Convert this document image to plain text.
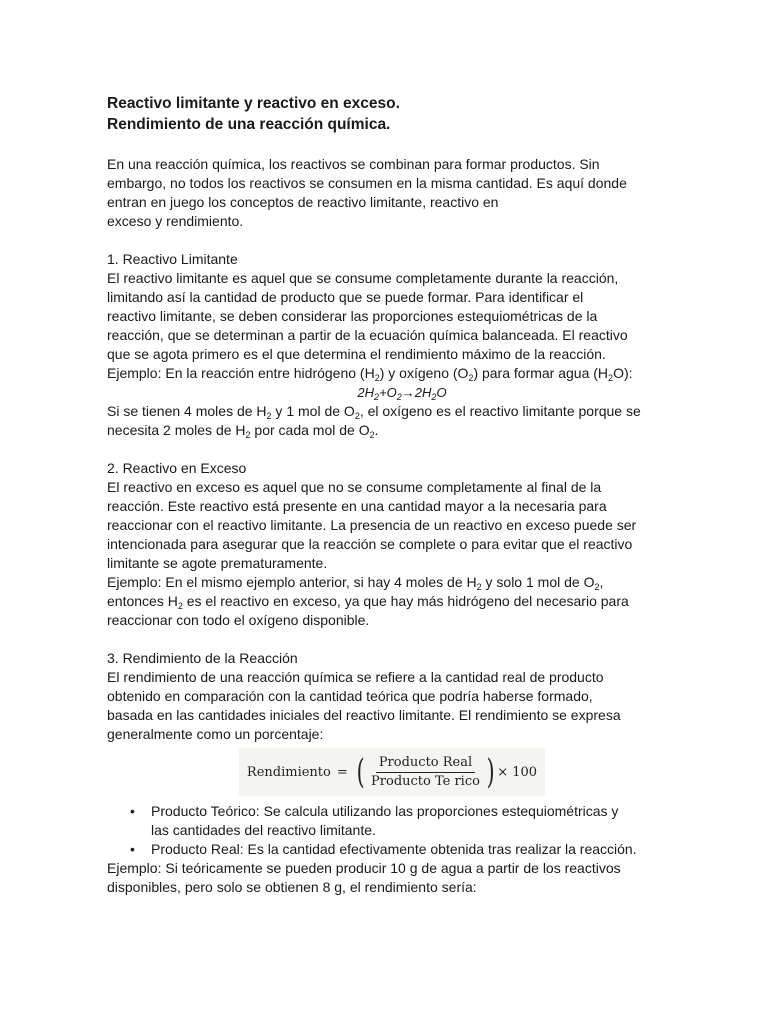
Reactivo limitante y reactivo en exceso.

Rendimiento de una reacción química.

En una reacción química, los reactivos se combinan para formar productos. Sin

embargo, no todos los reactivos se consumen en la misma cantidad. Es aquí donde

entran en juego los conceptos de reactivo limitante, reactivo en

exceso y rendimiento.

1. Reactivo Limitante

El reactivo limitante es aquel que se consume completamente durante la reacción,

limitando así la cantidad de producto que se puede formar. Para identificar el

reactivo limitante, se deben considerar las proporciones estequiométricas de la

reacción, que se determinan a partir de la ecuación química balanceada. El reactivo

que se agota primero es el que determina el rendimiento máximo de la reacción.

Ejemplo: En la reacción entre hidrógeno $(H_2)$ y oxígeno $(O_2)$ para formar agua $(H_2O)$:

$2H_2+O_2\to 2H_2O$

Si se tienen 4 moles de $H_2$ y 1 mol de $O_2$, el oxígeno es el reactivo limitante porque se

necesita 2 moles de $H_2$ por cada mol de $O_2$.

2. Reactivo en Exceso

El reactivo en exceso es aquel que no se consume completamente al final de la

reacción. Este reactivo está presente en una cantidad mayor a la necesaria para

reaccionar con el reactivo limitante. La presencia de un reactivo en exceso puede ser

intencionada para asegurar que la reacción se complete o para evitar que el reactivo

limitante se agote prematuramente.

Ejemplo: En el mismo ejemplo anterior, si hay 4 moles de $H_2$ y solo 1 mol de $O_2$,

entonces $H_2$ es el reactivo en exceso, ya que hay más hidrógeno del necesario para

reaccionar con todo el oxígeno disponible.

3. Rendimiento de la Reacción

El rendimiento de una reacción química se refiere a la cantidad real de producto

obtenido en comparación con la cantidad teórica que podría haberse formado,

basada en las cantidades iniciales del reactivo limitante. El rendimiento se expresa

generalmente como un porcentaje:

Rendimiento = ( $\frac{\text{Producto Real}}{\text{Producto Te rico}}$ ) × 100

• Producto Teórico: Se calcula utilizando las proporciones estequiométricas y

las cantidades del reactivo limitante.

• Producto Real: Es la cantidad efectivamente obtenida tras realizar la reacción.

Ejemplo: Si teóricamente se pueden producir 10 g de agua a partir de los reactivos

disponibles, pero solo se obtienen 8 g, el rendimiento sería:
